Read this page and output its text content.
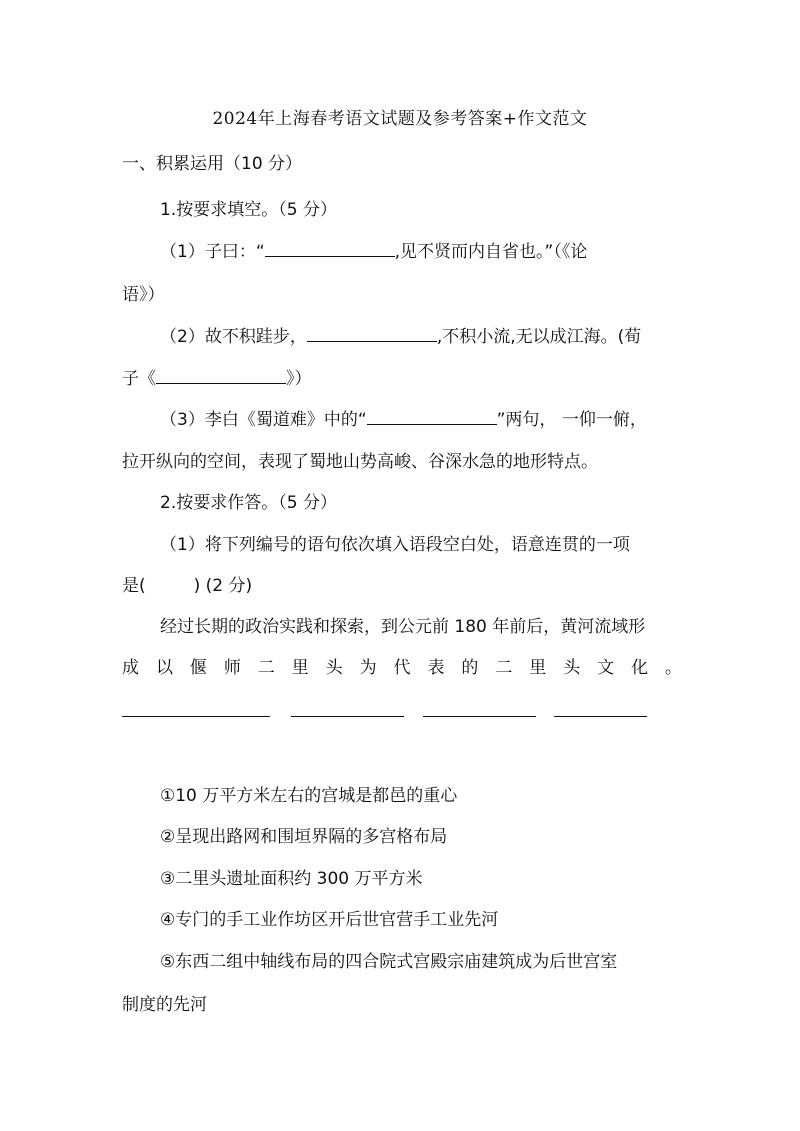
2024年上海春考语文试题及参考答案+作文范文
一、积累运用（10 分）
1.按要求填空。（5 分）
（1）子曰：“	,见不贤而内自省也。”（《论
语》）
（2）故不积跬步，	,不积小流,无以成江海。(荀
子《	》）
（3）李白《蜀道难》中的“	”两句， 一仰一俯，
拉开纵向的空间，表现了蜀地山势高峻、谷深水急的地形特点。
2.按要求作答。（5 分）
（1）将下列编号的语句依次填入语段空白处，语意连贯的一项
是(	) (2 分)
经过长期的政治实践和探索，到公元前 180 年前后，黄河流域形
成 以 偃 师 二 里 头 为 代 表 的 二 里 头 文 化 。
①10 万平方米左右的宫城是都邑的重心
②呈现出路网和围垣界隔的多宫格布局
③二里头遗址面积约 300 万平方米
④专门的手工业作坊区开后世官营手工业先河
⑤东西二组中轴线布局的四合院式宫殿宗庙建筑成为后世宫室
制度的先河
